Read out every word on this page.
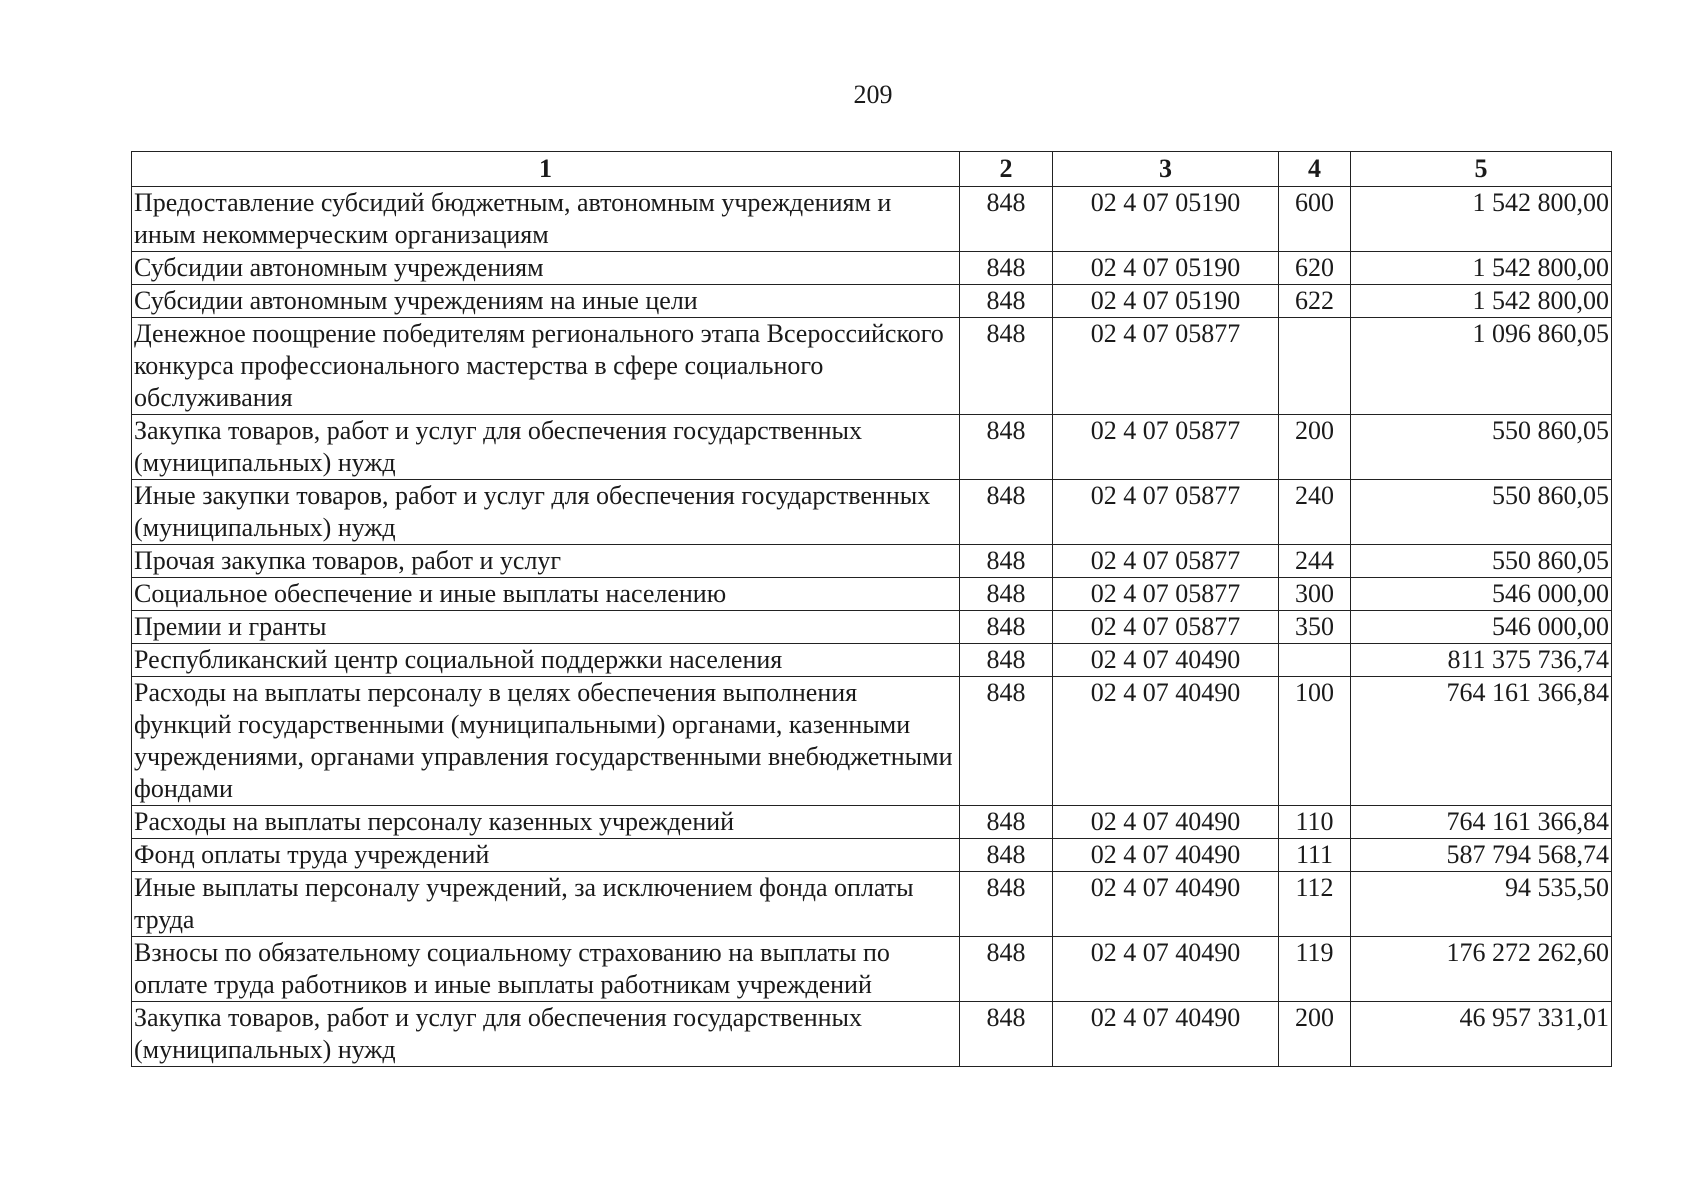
209
1	2	3	4	5
Предоставление субсидий бюджетным, автономным учреждениям и иным некоммерческим организациям	848	02 4 07 05190	600	1 542 800,00
Субсидии автономным учреждениям	848	02 4 07 05190	620	1 542 800,00
Субсидии автономным учреждениям на иные цели	848	02 4 07 05190	622	1 542 800,00
Денежное поощрение победителям регионального этапа Всероссийского конкурса профессионального мастерства в сфере социального обслуживания	848	02 4 07 05877		1 096 860,05
Закупка товаров, работ и услуг для обеспечения государственных (муниципальных) нужд	848	02 4 07 05877	200	550 860,05
Иные закупки товаров, работ и услуг для обеспечения государственных (муниципальных) нужд	848	02 4 07 05877	240	550 860,05
Прочая закупка товаров, работ и услуг	848	02 4 07 05877	244	550 860,05
Социальное обеспечение и иные выплаты населению	848	02 4 07 05877	300	546 000,00
Премии и гранты	848	02 4 07 05877	350	546 000,00
Республиканский центр социальной поддержки населения	848	02 4 07 40490		811 375 736,74
Расходы на выплаты персоналу в целях обеспечения выполнения функций государственными (муниципальными) органами, казенными учреждениями, органами управления государственными внебюджетными фондами	848	02 4 07 40490	100	764 161 366,84
Расходы на выплаты персоналу казенных учреждений	848	02 4 07 40490	110	764 161 366,84
Фонд оплаты труда учреждений	848	02 4 07 40490	111	587 794 568,74
Иные выплаты персоналу учреждений, за исключением фонда оплаты труда	848	02 4 07 40490	112	94 535,50
Взносы по обязательному социальному страхованию на выплаты по оплате труда работников и иные выплаты работникам учреждений	848	02 4 07 40490	119	176 272 262,60
Закупка товаров, работ и услуг для обеспечения государственных (муниципальных) нужд	848	02 4 07 40490	200	46 957 331,01
